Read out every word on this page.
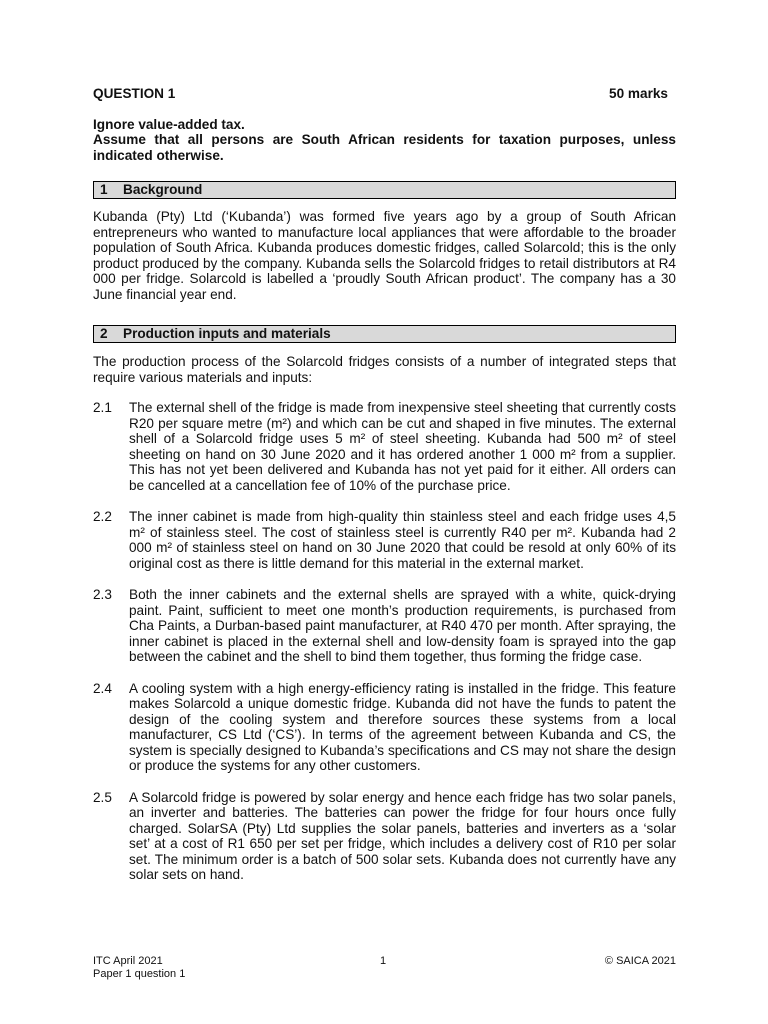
QUESTION 1	50 marks
Ignore value-added tax.
Assume that all persons are South African residents for taxation purposes, unless indicated otherwise.
1 Background
Kubanda (Pty) Ltd (‘Kubanda’) was formed five years ago by a group of South African entrepreneurs who wanted to manufacture local appliances that were affordable to the broader population of South Africa. Kubanda produces domestic fridges, called Solarcold; this is the only product produced by the company. Kubanda sells the Solarcold fridges to retail distributors at R4 000 per fridge. Solarcold is labelled a ‘proudly South African product’. The company has a 30 June financial year end.
2 Production inputs and materials
The production process of the Solarcold fridges consists of a number of integrated steps that require various materials and inputs:
2.1	The external shell of the fridge is made from inexpensive steel sheeting that currently costs R20 per square metre (m²) and which can be cut and shaped in five minutes. The external shell of a Solarcold fridge uses 5 m² of steel sheeting. Kubanda had 500 m² of steel sheeting on hand on 30 June 2020 and it has ordered another 1 000 m² from a supplier. This has not yet been delivered and Kubanda has not yet paid for it either. All orders can be cancelled at a cancellation fee of 10% of the purchase price.
2.2	The inner cabinet is made from high-quality thin stainless steel and each fridge uses 4,5 m² of stainless steel. The cost of stainless steel is currently R40 per m². Kubanda had 2 000 m² of stainless steel on hand on 30 June 2020 that could be resold at only 60% of its original cost as there is little demand for this material in the external market.
2.3	Both the inner cabinets and the external shells are sprayed with a white, quick-drying paint. Paint, sufficient to meet one month’s production requirements, is purchased from Cha Paints, a Durban-based paint manufacturer, at R40 470 per month. After spraying, the inner cabinet is placed in the external shell and low-density foam is sprayed into the gap between the cabinet and the shell to bind them together, thus forming the fridge case.
2.4	A cooling system with a high energy-efficiency rating is installed in the fridge. This feature makes Solarcold a unique domestic fridge. Kubanda did not have the funds to patent the design of the cooling system and therefore sources these systems from a local manufacturer, CS Ltd (‘CS’). In terms of the agreement between Kubanda and CS, the system is specially designed to Kubanda’s specifications and CS may not share the design or produce the systems for any other customers.
2.5	A Solarcold fridge is powered by solar energy and hence each fridge has two solar panels, an inverter and batteries. The batteries can power the fridge for four hours once fully charged. SolarSA (Pty) Ltd supplies the solar panels, batteries and inverters as a ‘solar set’ at a cost of R1 650 per set per fridge, which includes a delivery cost of R10 per solar set. The minimum order is a batch of 500 solar sets. Kubanda does not currently have any solar sets on hand.
ITC April 2021
Paper 1 question 1
1	© SAICA 2021
